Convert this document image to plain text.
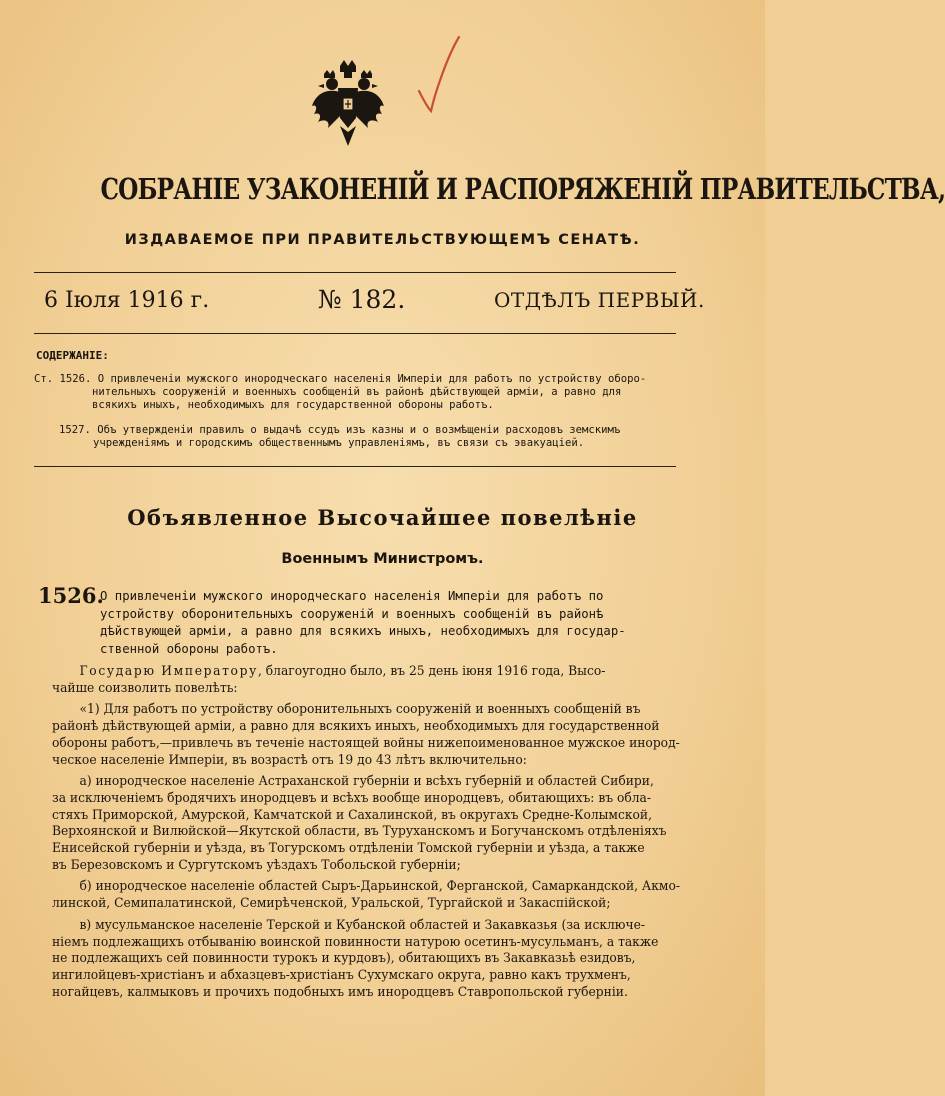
СОБРАНІЕ УЗАКОНЕНІЙ И РАСПОРЯЖЕНІЙ ПРАВИТЕЛЬСТВА,
ИЗДАВАЕМОЕ ПРИ ПРАВИТЕЛЬСТВУЮЩЕМЪ СЕНАТѢ.
6 Іюля 1916 г.	№ 182.	ОТДѢЛЪ ПЕРВЫЙ.
СОДЕРЖАНІЕ:
Ст. 1526. О привлеченіи мужского инородческаго населенія Имперіи для работъ по устройству оборо-
нительныхъ сооруженій и военныхъ сообщеній въ районѣ дѣйствующей арміи, а равно для
всякихъ иныхъ, необходимыхъ для государственной обороны работъ.
1527. Объ утвержденіи правилъ о выдачѣ ссудъ изъ казны и о возмѣщеніи расходовъ земскимъ
учрежденіямъ и городскимъ общественнымъ управленіямъ, въ связи съ эвакуаціей.
Объявленное Высочайшее повелѣніе
Военнымъ Министромъ.
1526.
О привлеченіи мужского инородческаго населенія Имперіи для работъ по
устройству оборонительныхъ сооруженій и военныхъ сообщеній въ районѣ
дѣйствующей арміи, а равно для всякихъ иныхъ, необходимыхъ для государ-
ственной обороны работъ.
Государю Императору, благоугодно было, въ 25 день іюня 1916 года, Высо-
чайше соизволить повелѣть:
«1) Для работъ по устройству оборонительныхъ сооруженій и военныхъ сообщеній въ
районѣ дѣйствующей арміи, а равно для всякихъ иныхъ, необходимыхъ для государственной
обороны работъ,—привлечь въ теченіе настоящей войны нижепоименованное мужское инород-
ческое населеніе Имперіи, въ возрастѣ отъ 19 до 43 лѣтъ включительно:
а) инородческое населеніе Астраханской губерніи и всѣхъ губерній и областей Сибири,
за исключеніемъ бродячихъ инородцевъ и всѣхъ вообще инородцевъ, обитающихъ: въ обла-
стяхъ Приморской, Амурской, Камчатской и Сахалинской, въ округахъ Средне-Колымской,
Верхоянской и Вилюйской—Якутской области, въ Туруханскомъ и Богучанскомъ отдѣленіяхъ
Енисейской губерніи и уѣзда, въ Тогурскомъ отдѣленіи Томской губерніи и уѣзда, а также
въ Березовскомъ и Сургутскомъ уѣздахъ Тобольской губерніи;
б) инородческое населеніе областей Сыръ-Дарьинской, Ферганской, Самаркандской, Акмо-
линской, Семипалатинской, Семирѣченской, Уральской, Тургайской и Закаспійской;
в) мусульманское населеніе Терской и Кубанской областей и Закавказья (за исключе-
ніемъ подлежащихъ отбыванію воинской повинности натурою осетинъ-мусульманъ, а также
не подлежащихъ сей повинности турокъ и курдовъ), обитающихъ въ Закавказьѣ езидовъ,
ингилойцевъ-христіанъ и абхазцевъ-христіанъ Сухумскаго округа, равно какъ трухменъ,
ногайцевъ, калмыковъ и прочихъ подобныхъ имъ инородцевъ Ставропольской губерніи.
